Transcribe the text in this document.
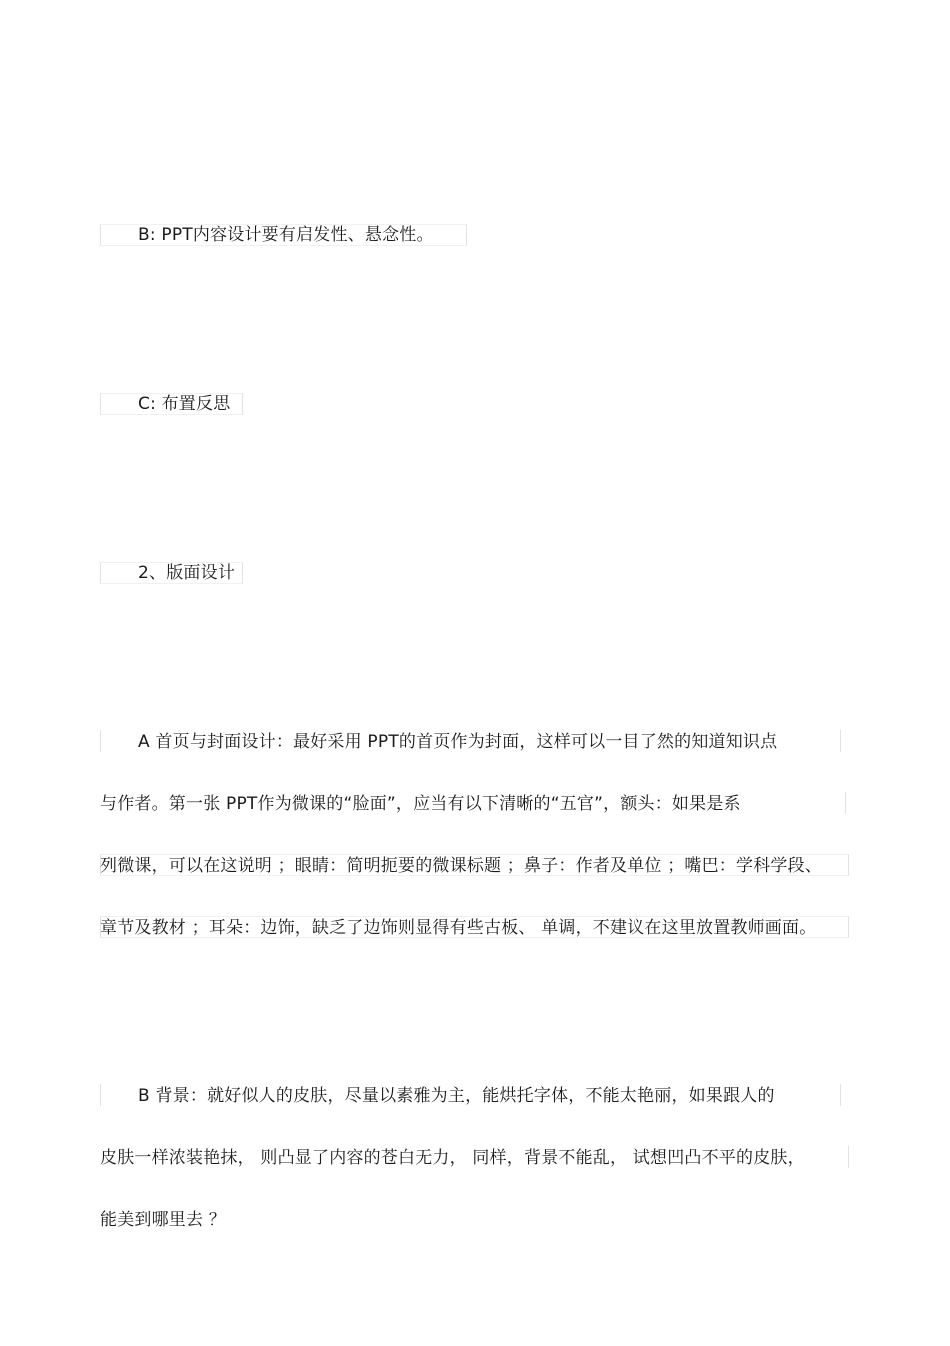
B: PPT内容设计要有启发性、悬念性。
C: 布置反思
2、版面设计
A 首页与封面设计：最好采用 PPT的首页作为封面，这样可以一目了然的知道知识点
与作者。第一张 PPT作为微课的“脸面”，应当有以下清晰的“五官”，额头：如果是系
列微课，可以在这说明 ；眼睛：简明扼要的微课标题 ；鼻子：作者及单位 ；嘴巴：学科学段、
章节及教材 ；耳朵：边饰，缺乏了边饰则显得有些古板、 单调，不建议在这里放置教师画面。
B 背景：就好似人的皮肤，尽量以素雅为主，能烘托字体，不能太艳丽，如果跟人的
皮肤一样浓装艳抹， 则凸显了内容的苍白无力， 同样，背景不能乱， 试想凹凸不平的皮肤，
能美到哪里去 ？
